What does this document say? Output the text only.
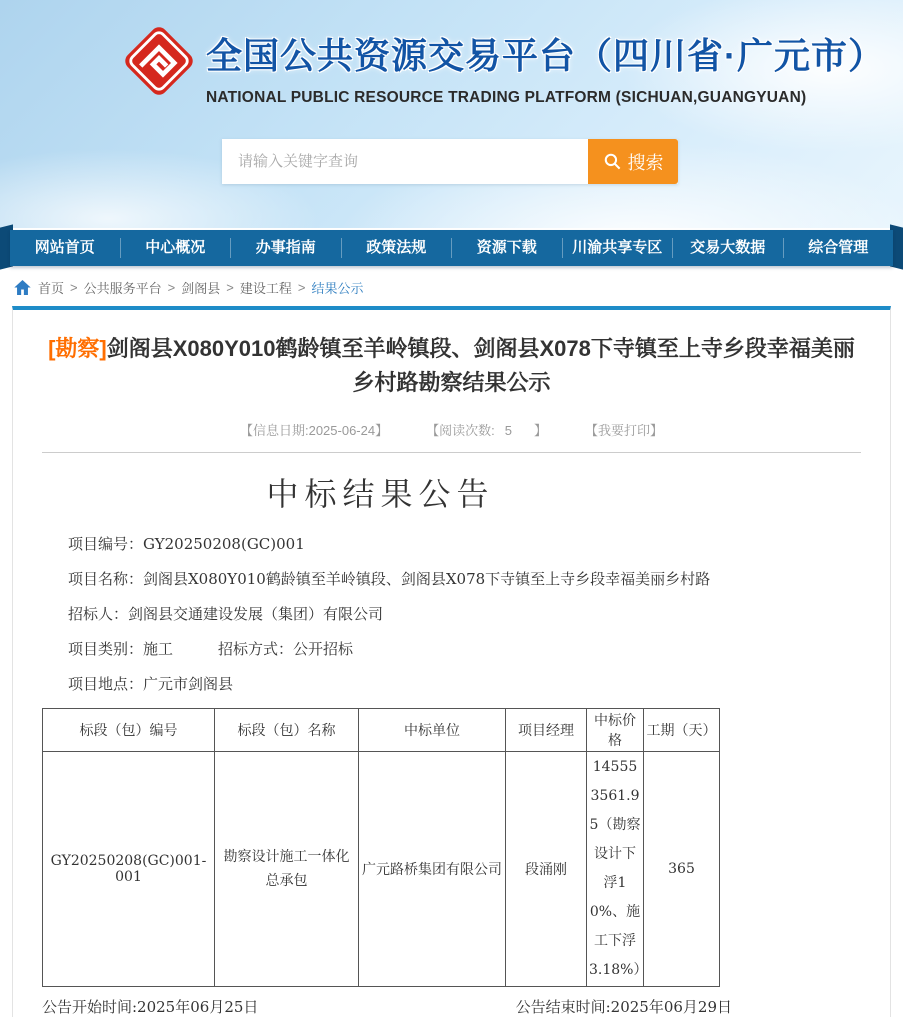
全国公共资源交易平台（四川省·广元市）
NATIONAL PUBLIC RESOURCE TRADING PLATFORM (SICHUAN,GUANGYUAN)
请输入关键字查询
搜索
网站首页	中心概况	办事指南	政策法规	资源下载	川渝共享专区	交易大数据	综合管理
首页 > 公共服务平台 > 剑阁县 > 建设工程 > 结果公示
[勘察]剑阁县X080Y010鹤龄镇至羊岭镇段、剑阁县X078下寺镇至上寺乡段幸福美丽乡村路勘察结果公示
【信息日期:2025-06-24】	【阅读次数: 5 】	【我要打印】
中标结果公告

项目编号：GY20250208(GC)001

项目名称：剑阁县X080Y010鹤龄镇至羊岭镇段、剑阁县X078下寺镇至上寺乡段幸福美丽乡村路

招标人：剑阁县交通建设发展（集团）有限公司

项目类别：施工　　　招标方式：公开招标

项目地点：广元市剑阁县

标段（包）编号	标段（包）名称	中标单位	项目经理	中标价格	工期（天）
GY20250208(GC)001-001	勘察设计施工一体化总承包	广元路桥集团有限公司	段涌刚	145553561.95（勘察设计下浮10%、施工下浮3.18%）	365
公告开始时间:2025年06月25日	公告结束时间:2025年06月29日
